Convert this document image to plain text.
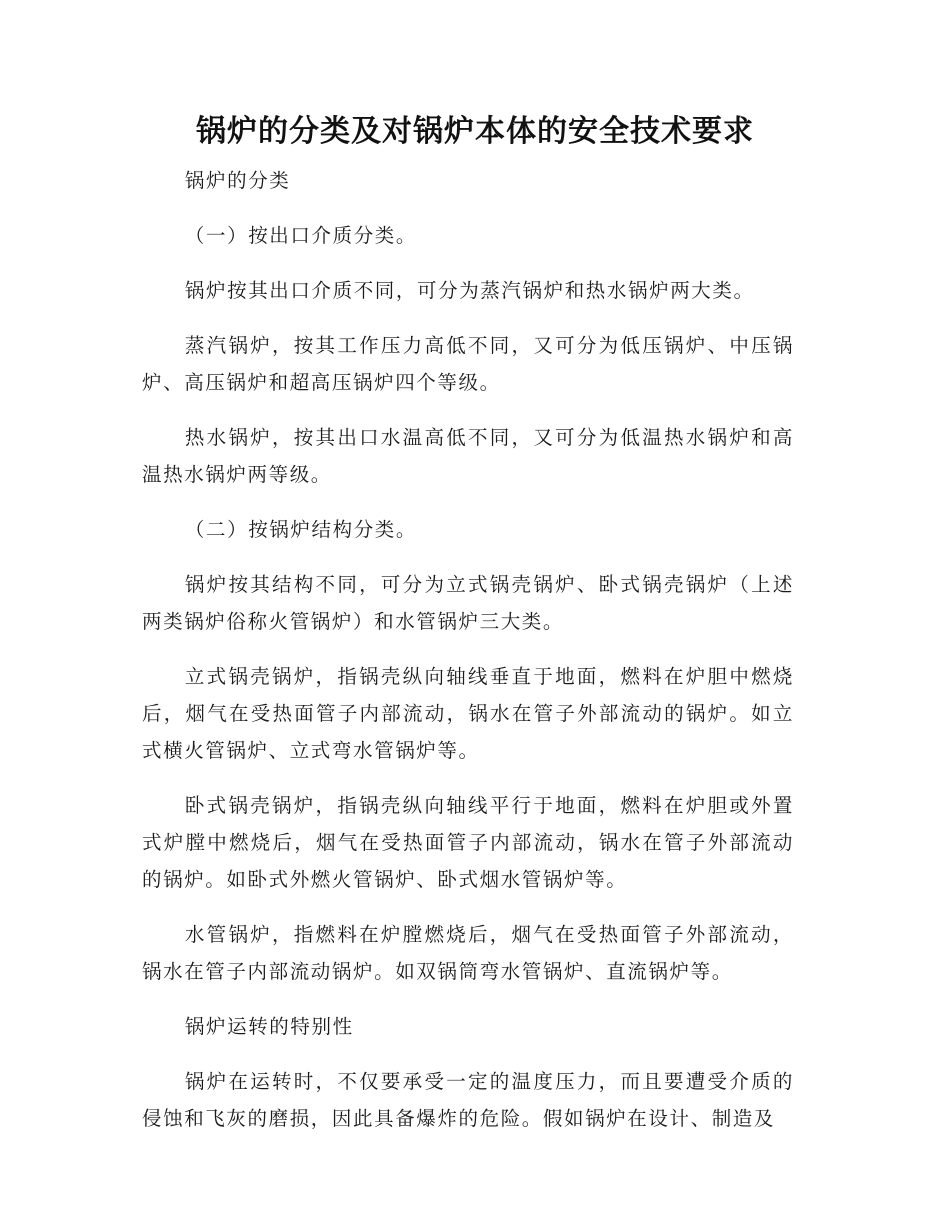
锅炉的分类及对锅炉本体的安全技术要求

锅炉的分类

（一）按出口介质分类。

锅炉按其出口介质不同，可分为蒸汽锅炉和热水锅炉两大类。

蒸汽锅炉，按其工作压力高低不同，又可分为低压锅炉、中压锅炉、高压锅炉和超高压锅炉四个等级。

热水锅炉，按其出口水温高低不同，又可分为低温热水锅炉和高温热水锅炉两等级。

（二）按锅炉结构分类。

锅炉按其结构不同，可分为立式锅壳锅炉、卧式锅壳锅炉（上述两类锅炉俗称火管锅炉）和水管锅炉三大类。

立式锅壳锅炉，指锅壳纵向轴线垂直于地面，燃料在炉胆中燃烧后，烟气在受热面管子内部流动，锅水在管子外部流动的锅炉。如立式横火管锅炉、立式弯水管锅炉等。

卧式锅壳锅炉，指锅壳纵向轴线平行于地面，燃料在炉胆或外置式炉膛中燃烧后，烟气在受热面管子内部流动，锅水在管子外部流动的锅炉。如卧式外燃火管锅炉、卧式烟水管锅炉等。

水管锅炉，指燃料在炉膛燃烧后，烟气在受热面管子外部流动，锅水在管子内部流动锅炉。如双锅筒弯水管锅炉、直流锅炉等。

锅炉运转的特别性

锅炉在运转时，不仅要承受一定的温度压力，而且要遭受介质的侵蚀和飞灰的磨损，因此具备爆炸的危险。假如锅炉在设计、制造及
